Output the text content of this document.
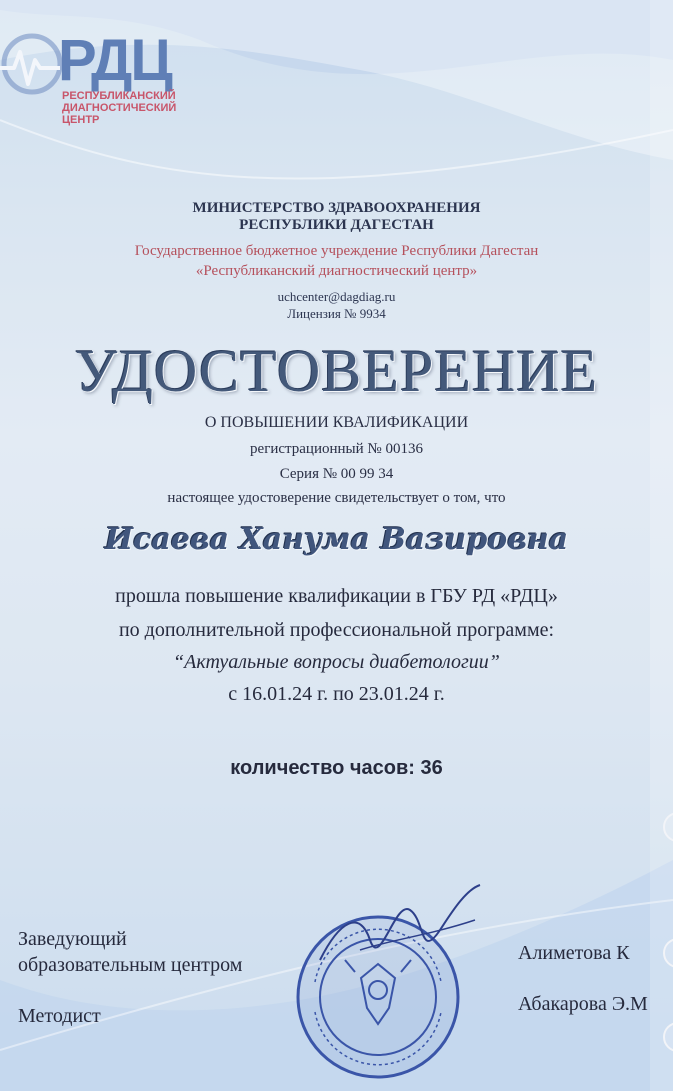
РДЦ
РЕСПУБЛИКАНСКИЙ
ДИАГНОСТИЧЕСКИЙ
ЦЕНТР
МИНИСТЕРСТВО ЗДРАВООХРАНЕНИЯ
РЕСПУБЛИКИ ДАГЕСТАН
Государственное бюджетное учреждение Республики Дагестан
«Республиканский диагностический центр»
uchcenter@dagdiag.ru
Лицензия № 9934
УДОСТОВЕРЕНИЕ
О ПОВЫШЕНИИ КВАЛИФИКАЦИИ
регистрационный № 00136
Серия № 00 99 34
настоящее удостоверение свидетельствует о том, что
Исаева Ханума Вазировна
прошла повышение квалификации в ГБУ РД «РДЦ»
по дополнительной профессиональной программе:
“Актуальные вопросы диабетологии”
с 16.01.24 г. по 23.01.24 г.
количество часов: 36
Заведующий
образовательным центром
Методист
Алиметова К
Абакарова Э.М
